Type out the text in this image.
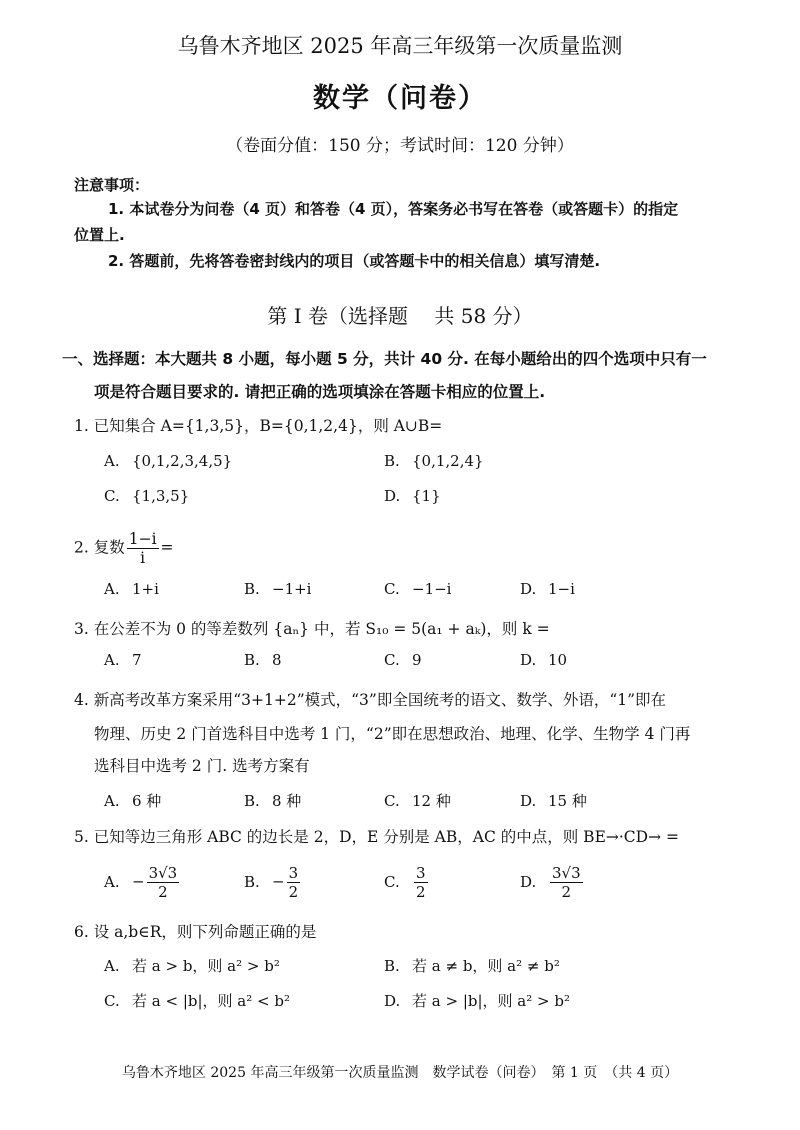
乌鲁木齐地区 2025 年高三年级第一次质量监测
数学（问卷）
（卷面分值：150 分；考试时间：120 分钟）
注意事项：
1. 本试卷分为问卷（4 页）和答卷（4 页），答案务必书写在答卷（或答题卡）的指定
位置上.
2. 答题前，先将答卷密封线内的项目（或答题卡中的相关信息）填写清楚.
第 I 卷（选择题　 共 58 分）
一、选择题：本大题共 8 小题，每小题 5 分，共计 40 分. 在每小题给出的四个选项中只有一
项是符合题目要求的. 请把正确的选项填涂在答题卡相应的位置上.
1. 已知集合 A={1,3,5}，B={0,1,2,4}，则 A∪B=
A. {0,1,2,3,4,5}	B. {0,1,2,4}
C. {1,3,5}	D. {1}
2. 复数 $\frac{1-i}{i}$ =
A. 1+i	B. −1+i	C. −1−i	D. 1−i
3. 在公差不为 0 的等差数列 {aₙ} 中，若 S₁₀ = 5(a₁ + aₖ)，则 k =
A. 7	B. 8	C. 9	D. 10
4. 新高考改革方案采用“3+1+2”模式，“3”即全国统考的语文、数学、外语，“1”即在
物理、历史 2 门首选科目中选考 1 门，“2”即在思想政治、地理、化学、生物学 4 门再
选科目中选考 2 门. 选考方案有
A. 6 种	B. 8 种	C. 12 种	D. 15 种
5. 已知等边三角形 ABC 的边长是 2，D，E 分别是 AB，AC 的中点，则 BE→·CD→ =
A. − $\frac{3√3}{2}$	B. − $\frac{3}{2}$	C. $\frac{3}{2}$	D. $\frac{3√3}{2}$
6. 设 a,b∈R，则下列命题正确的是
A. 若 a > b，则 a² > b²	B. 若 a ≠ b，则 a² ≠ b²
C. 若 a < |b|，则 a² < b²	D. 若 a > |b|，则 a² > b²
乌鲁木齐地区 2025 年高三年级第一次质量监测　数学试卷（问卷）　第 1 页　（共 4 页）
